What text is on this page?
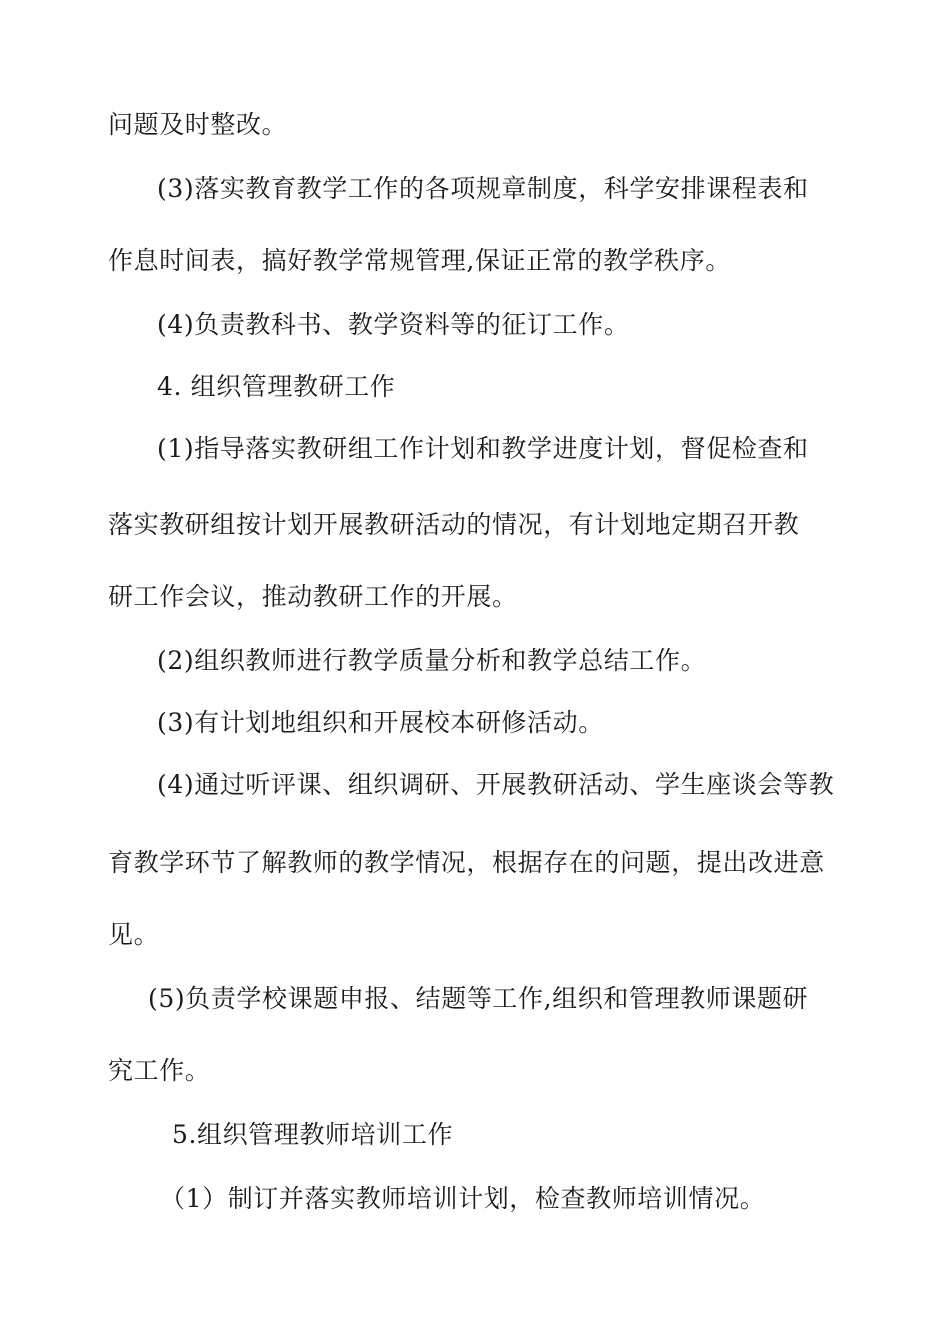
问题及时整改。
(3)落实教育教学工作的各项规章制度，科学安排课程表和
作息时间表，搞好教学常规管理,保证正常的教学秩序。
(4)负责教科书、教学资料等的征订工作。
4. 组织管理教研工作
(1)指导落实教研组工作计划和教学进度计划，督促检查和
落实教研组按计划开展教研活动的情况，有计划地定期召开教
研工作会议，推动教研工作的开展。
(2)组织教师进行教学质量分析和教学总结工作。
(3)有计划地组织和开展校本研修活动。
(4)通过听评课、组织调研、开展教研活动、学生座谈会等教
育教学环节了解教师的教学情况，根据存在的问题，提出改进意
见。
(5)负责学校课题申报、结题等工作,组织和管理教师课题研
究工作。
5.组织管理教师培训工作
（1）制订并落实教师培训计划，检查教师培训情况。
